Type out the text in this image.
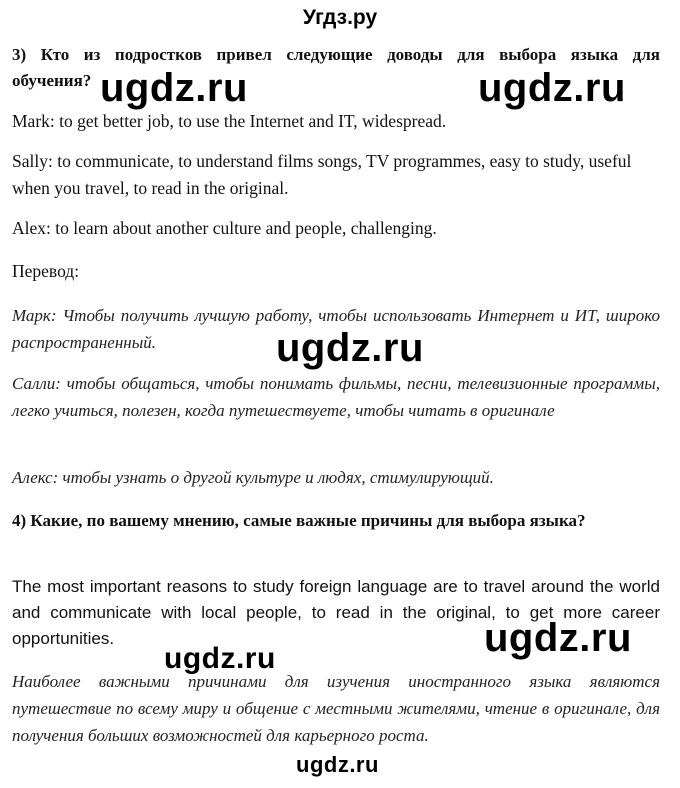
Угдз.ру
3) Кто из подростков привел следующие доводы для выбора языка для обучения?
Mark: to get better job, to use the Internet and IT, widespread.
Sally: to communicate, to understand films songs, TV programmes, easy to study, useful when you travel, to read in the original.
Alex: to learn about another culture and people, challenging.
Перевод:
Марк: Чтобы получить лучшую работу, чтобы использовать Интернет и ИТ, широко распространенный.
Салли: чтобы общаться, чтобы понимать фильмы, песни, телевизионные программы, легко учиться, полезен, когда путешествуете, чтобы читать в оригинале
Алекс: чтобы узнать о другой культуре и людях, стимулирующий.
4) Какие, по вашему мнению, самые важные причины для выбора языка?
The most important reasons to study foreign language are to travel around the world and communicate with local people, to read in the original, to get more career opportunities.
Наиболее важными причинами для изучения иностранного языка являются путешествие по всему миру и общение с местными жителями, чтение в оригинале, для получения больших возможностей для карьерного роста.
ugdz.ru	ugdz.ru
ugdz.ru
ugdz.ru
ugdz.ru
ugdz.ru
